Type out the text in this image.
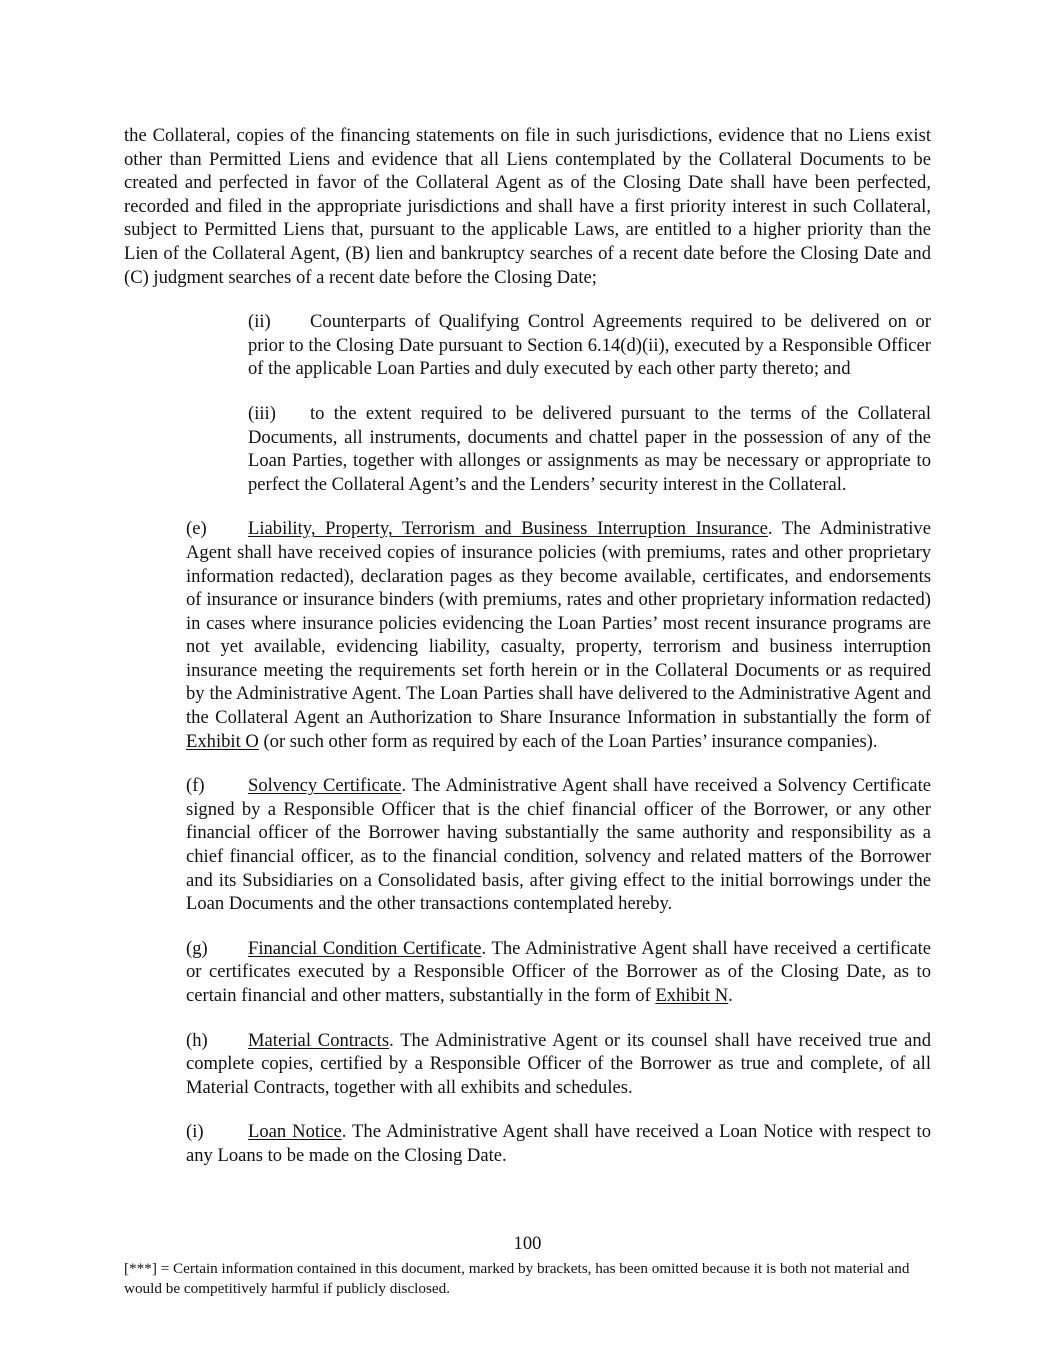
the Collateral, copies of the financing statements on file in such jurisdictions, evidence that no Liens exist other than Permitted Liens and evidence that all Liens contemplated by the Collateral Documents to be created and perfected in favor of the Collateral Agent as of the Closing Date shall have been perfected, recorded and filed in the appropriate jurisdictions and shall have a first priority interest in such Collateral, subject to Permitted Liens that, pursuant to the applicable Laws, are entitled to a higher priority than the Lien of the Collateral Agent, (B) lien and bankruptcy searches of a recent date before the Closing Date and (C) judgment searches of a recent date before the Closing Date;

(ii) Counterparts of Qualifying Control Agreements required to be delivered on or prior to the Closing Date pursuant to Section 6.14(d)(ii), executed by a Responsible Officer of the applicable Loan Parties and duly executed by each other party thereto; and

(iii) to the extent required to be delivered pursuant to the terms of the Collateral Documents, all instruments, documents and chattel paper in the possession of any of the Loan Parties, together with allonges or assignments as may be necessary or appropriate to perfect the Collateral Agent’s and the Lenders’ security interest in the Collateral.

(e) Liability, Property, Terrorism and Business Interruption Insurance. The Administrative Agent shall have received copies of insurance policies (with premiums, rates and other proprietary information redacted), declaration pages as they become available, certificates, and endorsements of insurance or insurance binders (with premiums, rates and other proprietary information redacted) in cases where insurance policies evidencing the Loan Parties’ most recent insurance programs are not yet available, evidencing liability, casualty, property, terrorism and business interruption insurance meeting the requirements set forth herein or in the Collateral Documents or as required by the Administrative Agent. The Loan Parties shall have delivered to the Administrative Agent and the Collateral Agent an Authorization to Share Insurance Information in substantially the form of Exhibit O (or such other form as required by each of the Loan Parties’ insurance companies).

(f) Solvency Certificate. The Administrative Agent shall have received a Solvency Certificate signed by a Responsible Officer that is the chief financial officer of the Borrower, or any other financial officer of the Borrower having substantially the same authority and responsibility as a chief financial officer, as to the financial condition, solvency and related matters of the Borrower and its Subsidiaries on a Consolidated basis, after giving effect to the initial borrowings under the Loan Documents and the other transactions contemplated hereby.

(g) Financial Condition Certificate. The Administrative Agent shall have received a certificate or certificates executed by a Responsible Officer of the Borrower as of the Closing Date, as to certain financial and other matters, substantially in the form of Exhibit N.

(h) Material Contracts. The Administrative Agent or its counsel shall have received true and complete copies, certified by a Responsible Officer of the Borrower as true and complete, of all Material Contracts, together with all exhibits and schedules.

(i) Loan Notice. The Administrative Agent shall have received a Loan Notice with respect to any Loans to be made on the Closing Date.

100

[***] = Certain information contained in this document, marked by brackets, has been omitted because it is both not material and would be competitively harmful if publicly disclosed.
